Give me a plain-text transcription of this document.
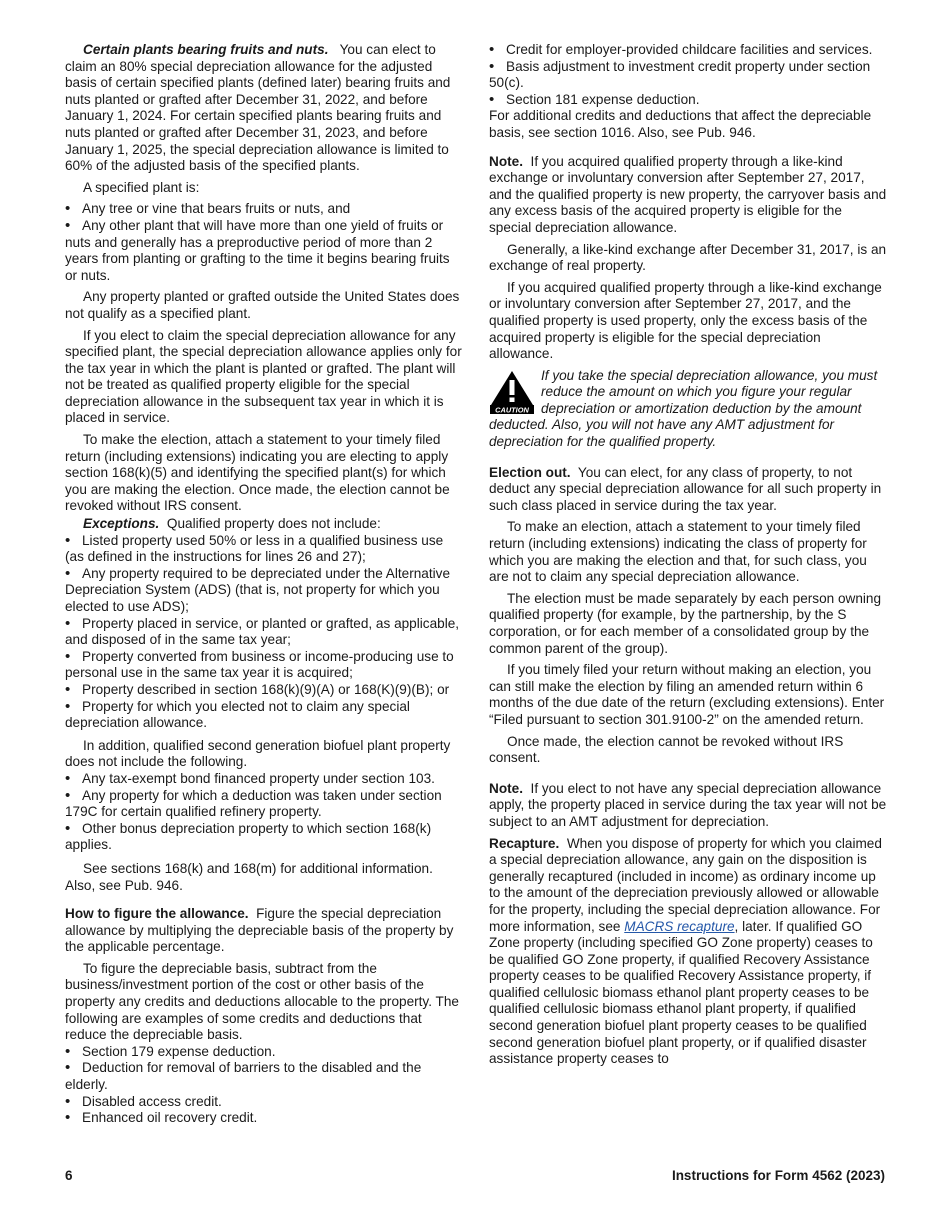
Certain plants bearing fruits and nuts. You can elect to claim an 80% special depreciation allowance for the adjusted basis of certain specified plants (defined later) bearing fruits and nuts planted or grafted after December 31, 2022, and before January 1, 2024. For certain specified plants bearing fruits and nuts planted or grafted after December 31, 2023, and before January 1, 2025, the special depreciation allowance is limited to 60% of the adjusted basis of the specified plants.

A specified plant is:

• Any tree or vine that bears fruits or nuts, and
• Any other plant that will have more than one yield of fruits or nuts and generally has a preproductive period of more than 2 years from planting or grafting to the time it begins bearing fruits or nuts.

Any property planted or grafted outside the United States does not qualify as a specified plant.

If you elect to claim the special depreciation allowance for any specified plant, the special depreciation allowance applies only for the tax year in which the plant is planted or grafted. The plant will not be treated as qualified property eligible for the special depreciation allowance in the subsequent tax year in which it is placed in service.

To make the election, attach a statement to your timely filed return (including extensions) indicating you are electing to apply section 168(k)(5) and identifying the specified plant(s) for which you are making the election. Once made, the election cannot be revoked without IRS consent.

Exceptions. Qualified property does not include:
• Listed property used 50% or less in a qualified business use (as defined in the instructions for lines 26 and 27);
• Any property required to be depreciated under the Alternative Depreciation System (ADS) (that is, not property for which you elected to use ADS);
• Property placed in service, or planted or grafted, as applicable, and disposed of in the same tax year;
• Property converted from business or income-producing use to personal use in the same tax year it is acquired;
• Property described in section 168(k)(9)(A) or 168(K)(9)(B); or
• Property for which you elected not to claim any special depreciation allowance.

In addition, qualified second generation biofuel plant property does not include the following.

• Any tax-exempt bond financed property under section 103.
• Any property for which a deduction was taken under section 179C for certain qualified refinery property.
• Other bonus depreciation property to which section 168(k) applies.

See sections 168(k) and 168(m) for additional information. Also, see Pub. 946.

How to figure the allowance. Figure the special depreciation allowance by multiplying the depreciable basis of the property by the applicable percentage.

To figure the depreciable basis, subtract from the business/investment portion of the cost or other basis of the property any credits and deductions allocable to the property. The following are examples of some credits and deductions that reduce the depreciable basis.

• Section 179 expense deduction.
• Deduction for removal of barriers to the disabled and the elderly.
• Disabled access credit.
• Enhanced oil recovery credit.
• Credit for employer-provided childcare facilities and services.
• Basis adjustment to investment credit property under section 50(c).
• Section 181 expense deduction.

For additional credits and deductions that affect the depreciable basis, see section 1016. Also, see Pub. 946.

Note. If you acquired qualified property through a like-kind exchange or involuntary conversion after September 27, 2017, and the qualified property is new property, the carryover basis and any excess basis of the acquired property is eligible for the special depreciation allowance.

Generally, a like-kind exchange after December 31, 2017, is an exchange of real property.

If you acquired qualified property through a like-kind exchange or involuntary conversion after September 27, 2017, and the qualified property is used property, only the excess basis of the acquired property is eligible for the special depreciation allowance.

CAUTION
If you take the special depreciation allowance, you must reduce the amount on which you figure your regular depreciation or amortization deduction by the amount deducted. Also, you will not have any AMT adjustment for depreciation for the qualified property.

Election out. You can elect, for any class of property, to not deduct any special depreciation allowance for all such property in such class placed in service during the tax year.

To make an election, attach a statement to your timely filed return (including extensions) indicating the class of property for which you are making the election and that, for such class, you are not to claim any special depreciation allowance.

The election must be made separately by each person owning qualified property (for example, by the partnership, by the S corporation, or for each member of a consolidated group by the common parent of the group).

If you timely filed your return without making an election, you can still make the election by filing an amended return within 6 months of the due date of the return (excluding extensions). Enter “Filed pursuant to section 301.9100-2” on the amended return.

Once made, the election cannot be revoked without IRS consent.

Note. If you elect to not have any special depreciation allowance apply, the property placed in service during the tax year will not be subject to an AMT adjustment for depreciation.

Recapture. When you dispose of property for which you claimed a special depreciation allowance, any gain on the disposition is generally recaptured (included in income) as ordinary income up to the amount of the depreciation previously allowed or allowable for the property, including the special depreciation allowance. For more information, see MACRS recapture, later. If qualified GO Zone property (including specified GO Zone property) ceases to be qualified GO Zone property, if qualified Recovery Assistance property ceases to be qualified Recovery Assistance property, if qualified cellulosic biomass ethanol plant property ceases to be qualified cellulosic biomass ethanol plant property, if qualified second generation biofuel plant property ceases to be qualified second generation biofuel plant property, or if qualified disaster assistance property ceases to

6	Instructions for Form 4562 (2023)
